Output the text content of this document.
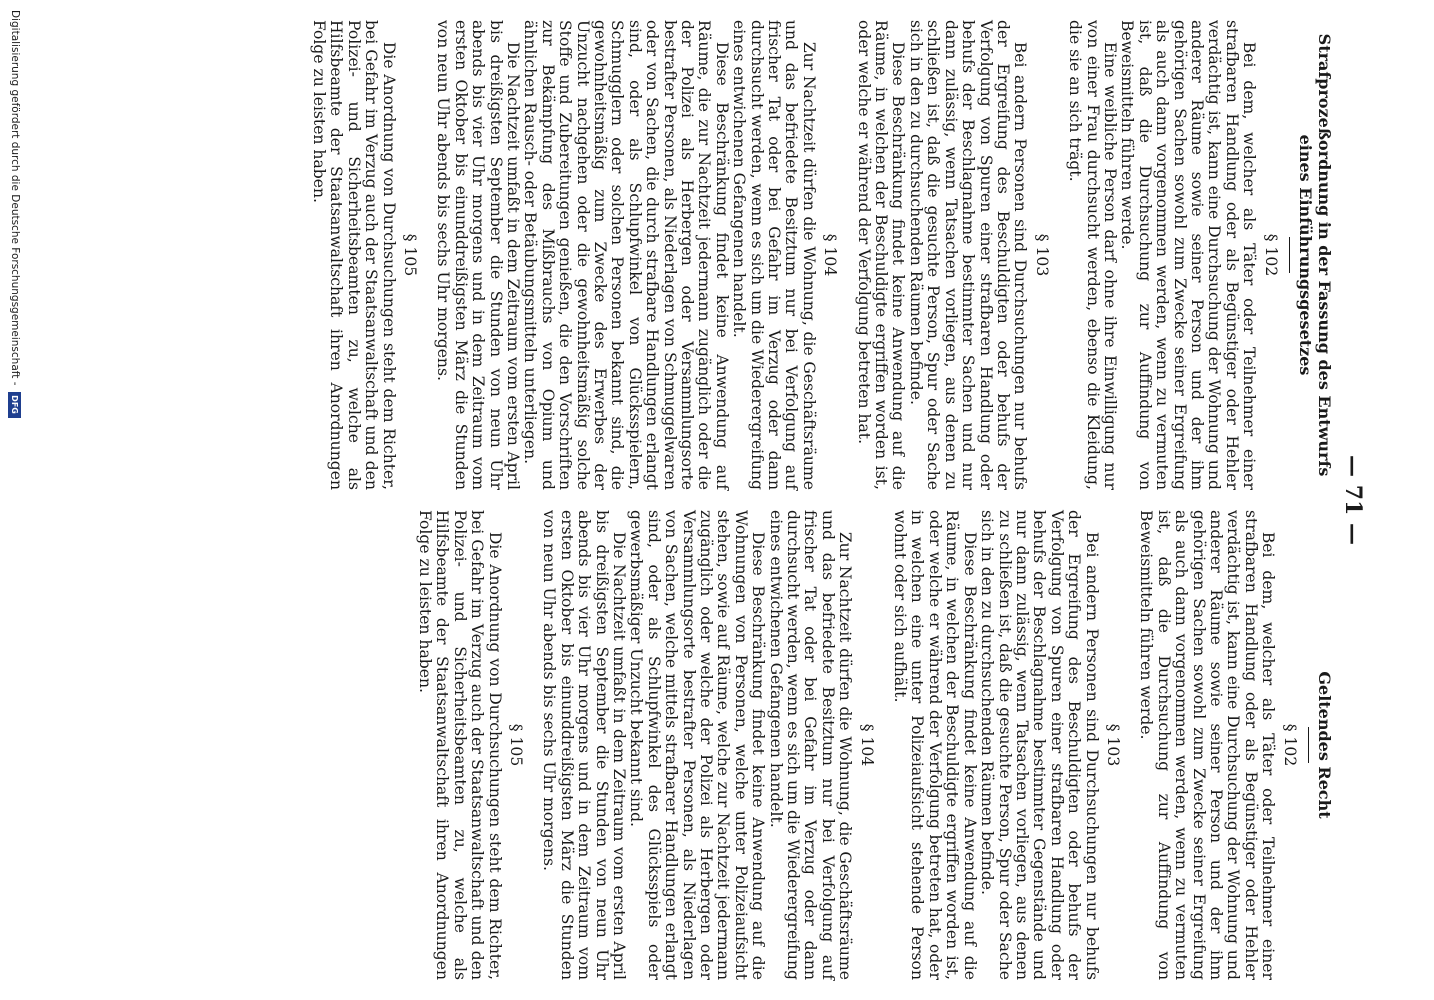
— 71 —
Strafprozeßordnung in der Fassung des Entwurfs eines Einführungsgesetzes
§ 102

Bei dem, welcher als Täter oder Teilnehmer einer strafbaren Handlung oder als Begünstiger oder Hehler verdächtig ist, kann eine Durchsuchung der Wohnung und anderer Räume sowie seiner Person und der ihm gehörigen Sachen sowohl zum Zwecke seiner Ergreifung als auch dann vorgenommen werden, wenn zu vermuten ist, daß die Durchsuchung zur Auffindung von Beweismitteln führen werde.

Eine weibliche Person darf ohne ihre Einwilligung nur von einer Frau durchsucht werden, ebenso die Kleidung, die sie an sich trägt.

§ 103

Bei andern Personen sind Durchsuchungen nur behufs der Ergreifung des Beschuldigten oder behufs der Verfolgung von Spuren einer strafbaren Handlung oder behufs der Beschlagnahme bestimmter Sachen und nur dann zulässig, wenn Tatsachen vorliegen, aus denen zu schließen ist, daß die gesuchte Person, Spur oder Sache sich in den zu durchsuchenden Räumen befinde.

Diese Beschränkung findet keine Anwendung auf die Räume, in welchen der Beschuldigte ergriffen worden ist, oder welche er während der Verfolgung betreten hat.

§ 104

Zur Nachtzeit dürfen die Wohnung, die Geschäftsräume und das befriedete Besitztum nur bei Verfolgung auf frischer Tat oder bei Gefahr im Verzug oder dann durchsucht werden, wenn es sich um die Wiederergreifung eines entwichenen Gefangenen handelt.

Diese Beschränkung findet keine Anwendung auf Räume, die zur Nachtzeit jedermann zugänglich oder die der Polizei als Herbergen oder Versammlungsorte bestrafter Personen, als Niederlagen von Schmuggelwaren oder von Sachen, die durch strafbare Handlungen erlangt sind, oder als Schlupfwinkel von Glücksspielern, Schmugglern oder solchen Personen bekannt sind, die gewohnheitsmäßig zum Zwecke des Erwerbes der Unzucht nachgehen oder die gewohnheitsmäßig solche Stoffe und Zubereitungen genießen, die den Vorschriften zur Bekämpfung des Mißbrauchs von Opium und ähnlichen Rausch- oder Betäubungsmitteln unterliegen.

Die Nachtzeit umfaßt in dem Zeitraum vom ersten April bis dreißigsten September die Stunden von neun Uhr abends bis vier Uhr morgens und in dem Zeitraum vom ersten Oktober bis einunddreißigsten März die Stunden von neun Uhr abends bis sechs Uhr morgens.

§ 105

Die Anordnung von Durchsuchungen steht dem Richter, bei Gefahr im Verzug auch der Staatsanwaltschaft und den Polizei- und Sicherheitsbeamten zu, welche als Hilfsbeamte der Staatsanwaltschaft ihren Anordnungen Folge zu leisten haben.

Geltendes Recht
§ 102

Bei dem, welcher als Täter oder Teilnehmer einer strafbaren Handlung oder als Begünstiger oder Hehler verdächtig ist, kann eine Durchsuchung der Wohnung und anderer Räume sowie seiner Person und der ihm gehörigen Sachen sowohl zum Zwecke seiner Ergreifung als auch dann vorgenommen werden, wenn zu vermuten ist, daß die Durchsuchung zur Auffindung von Beweismitteln führen werde.

§ 103

Bei andern Personen sind Durchsuchungen nur behufs der Ergreifung des Beschuldigten oder behufs der Verfolgung von Spuren einer strafbaren Handlung oder behufs der Beschlagnahme bestimmter Gegenstände und nur dann zulässig, wenn Tatsachen vorliegen, aus denen zu schließen ist, daß die gesuchte Person, Spur oder Sache sich in den zu durchsuchenden Räumen befinde.

Diese Beschränkung findet keine Anwendung auf die Räume, in welchen der Beschuldigte ergriffen worden ist, oder welche er während der Verfolgung betreten hat, oder in welchen eine unter Polizeiaufsicht stehende Person wohnt oder sich aufhält.

§ 104

Zur Nachtzeit dürfen die Wohnung, die Geschäftsräume und das befriedete Besitztum nur bei Verfolgung auf frischer Tat oder bei Gefahr im Verzug oder dann durchsucht werden, wenn es sich um die Wiederergreifung eines entwichenen Gefangenen handelt.

Diese Beschränkung findet keine Anwendung auf die Wohnungen von Personen, welche unter Polizeiaufsicht stehen, sowie auf Räume, welche zur Nachtzeit jedermann zugänglich oder welche der Polizei als Herbergen oder Versammlungsorte bestrafter Personen, als Niederlagen von Sachen, welche mittels strafbarer Handlungen erlangt sind, oder als Schlupfwinkel des Glücksspiels oder gewerbsmäßiger Unzucht bekannt sind.

Die Nachtzeit umfaßt in dem Zeitraum vom ersten April bis dreißigsten September die Stunden von neun Uhr abends bis vier Uhr morgens und in dem Zeitraum vom ersten Oktober bis einunddreißigsten März die Stunden von neun Uhr abends bis sechs Uhr morgens.

§ 105

Die Anordnung von Durchsuchungen steht dem Richter, bei Gefahr im Verzug auch der Staatsanwaltschaft und den Polizei- und Sicherheitsbeamten zu, welche als Hilfsbeamte der Staatsanwaltschaft ihren Anordnungen Folge zu leisten haben.

Digitalisierung gefördert durch die Deutsche Forschungsgemeinschaft -
DFG
